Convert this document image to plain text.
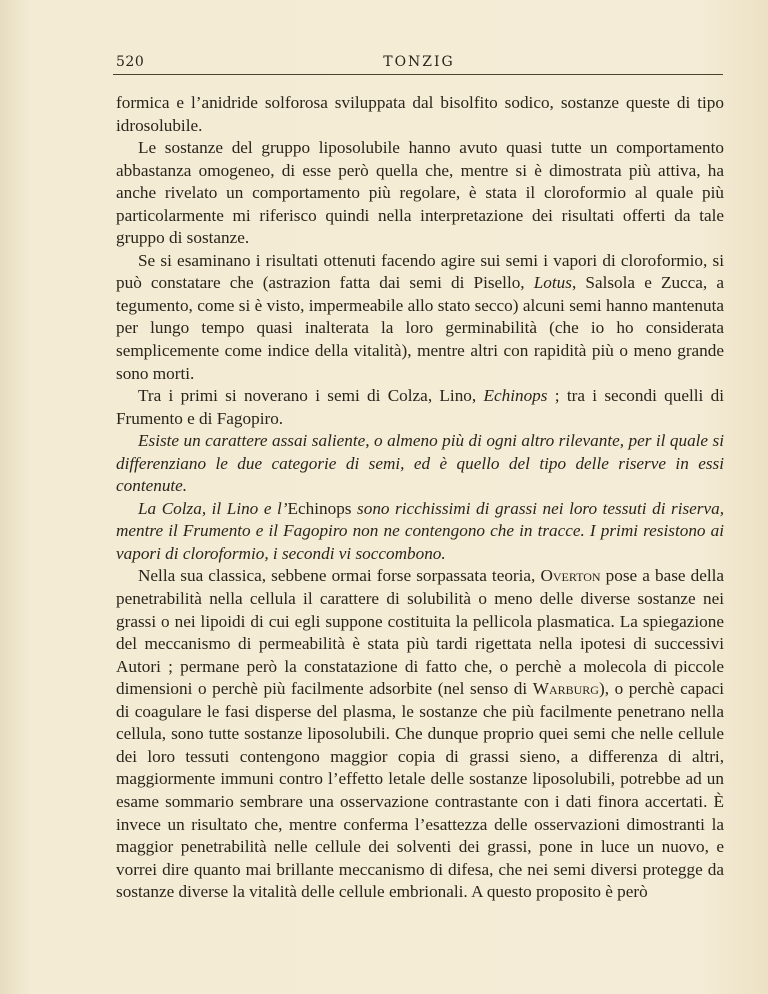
520	TONZIG

formica e l’anidride solforosa sviluppata dal bisolfito sodico, sostanze queste di tipo idrosolubile.

Le sostanze del gruppo liposolubile hanno avuto quasi tutte un comportamento abbastanza omogeneo, di esse però quella che, mentre si è dimostrata più attiva, ha anche rivelato un comportamento più regolare, è stata il cloroformio al quale più particolarmente mi riferisco quindi nella interpretazione dei risultati offerti da tale gruppo di sostanze.

Se si esaminano i risultati ottenuti facendo agire sui semi i vapori di cloroformio, si può constatare che (astrazion fatta dai semi di Pisello, Lotus, Salsola e Zucca, a tegumento, come si è visto, impermeabile allo stato secco) alcuni semi hanno mantenuta per lungo tempo quasi inalterata la loro germinabilità (che io ho considerata semplicemente come indice della vitalità), mentre altri con rapidità più o meno grande sono morti.

Tra i primi si noverano i semi di Colza, Lino, Echinops ; tra i secondi quelli di Frumento e di Fagopiro.

Esiste un carattere assai saliente, o almeno più di ogni altro rilevante, per il quale si differenziano le due categorie di semi, ed è quello del tipo delle riserve in essi contenute.

La Colza, il Lino e l’Echinops sono ricchissimi di grassi nei loro tessuti di riserva, mentre il Frumento e il Fagopiro non ne contengono che in tracce. I primi resistono ai vapori di cloroformio, i secondi vi soccombono.

Nella sua classica, sebbene ormai forse sorpassata teoria, Overton pose a base della penetrabilità nella cellula il carattere di solubilità o meno delle diverse sostanze nei grassi o nei lipoidi di cui egli suppone costituita la pellicola plasmatica. La spiegazione del meccanismo di permeabilità è stata più tardi rigettata nella ipotesi di successivi Autori ; permane però la constatazione di fatto che, o perchè a molecola di piccole dimensioni o perchè più facilmente adsorbite (nel senso di Warburg), o perchè capaci di coagulare le fasi disperse del plasma, le sostanze che più facilmente penetrano nella cellula, sono tutte sostanze liposolubili. Che dunque proprio quei semi che nelle cellule dei loro tessuti contengono maggior copia di grassi sieno, a differenza di altri, maggiormente immuni contro l’effetto letale delle sostanze liposolubili, potrebbe ad un esame sommario sembrare una osservazione contrastante con i dati finora accertati. È invece un risultato che, mentre conferma l’esattezza delle osservazioni dimostranti la maggior penetrabilità nelle cellule dei solventi dei grassi, pone in luce un nuovo, e vorrei dire quanto mai brillante meccanismo di difesa, che nei semi diversi protegge da sostanze diverse la vitalità delle cellule embrionali. A questo proposito è però
